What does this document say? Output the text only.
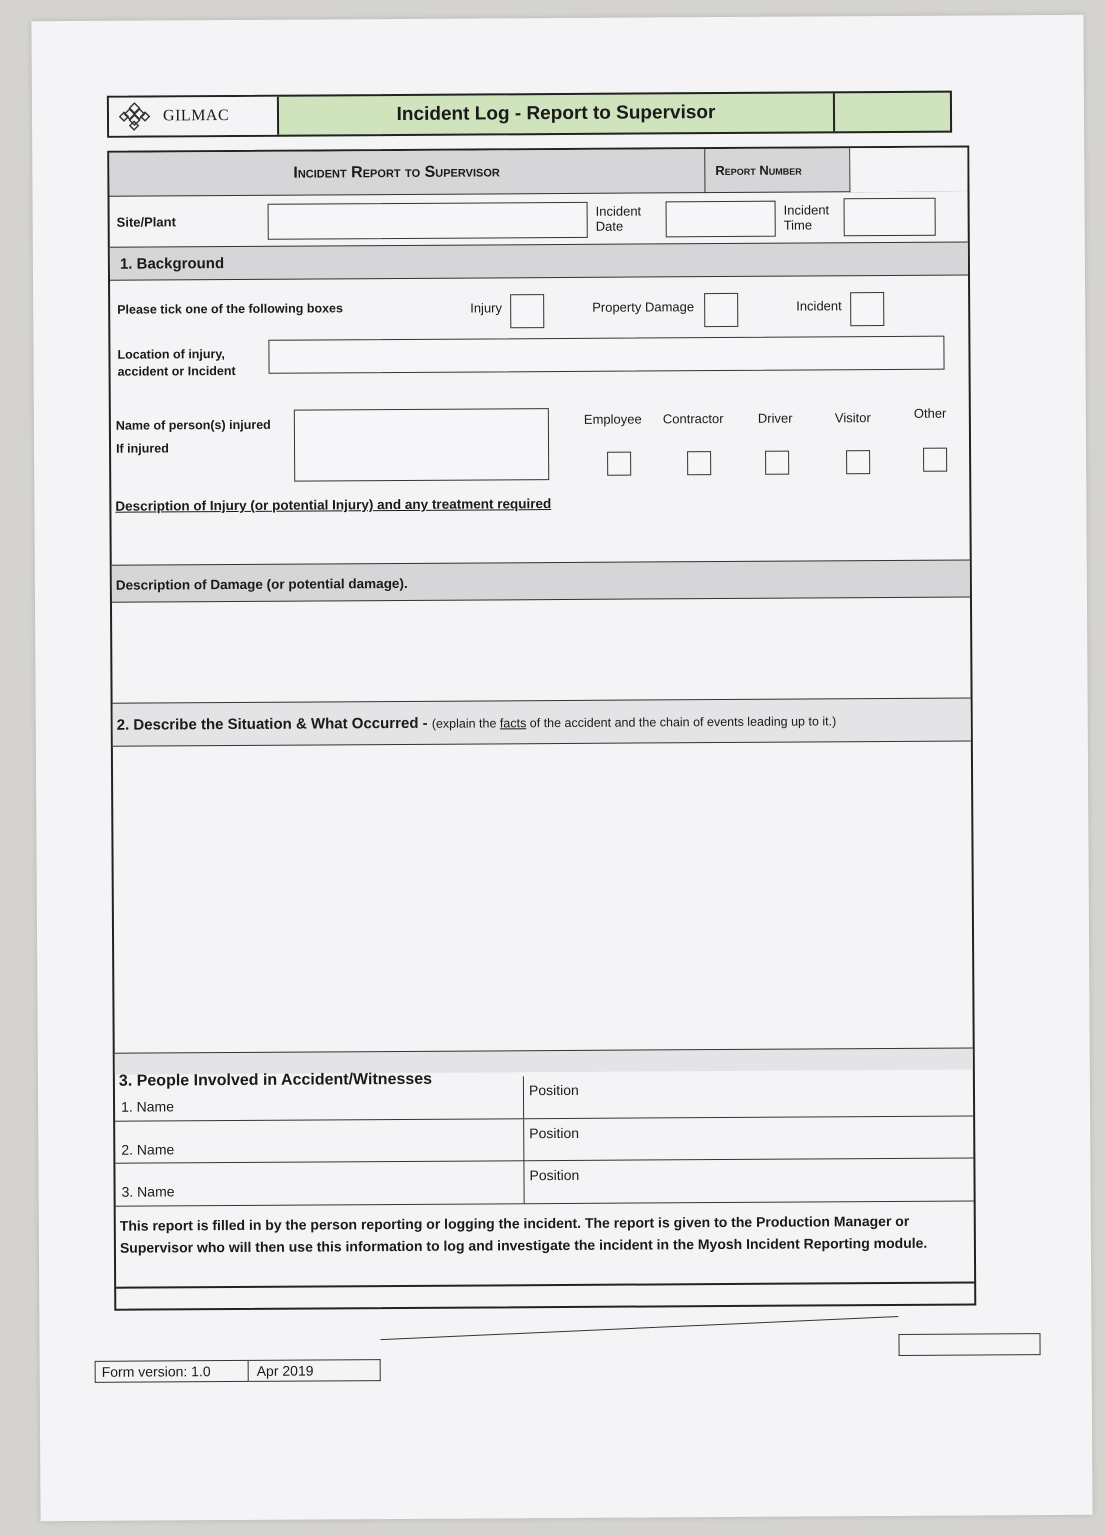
GILMAC	Incident Log - Report to Supervisor
Incident Report to Supervisor	Report Number
Site/Plant
Incident
Date
Incident
Time
1. Background
Please tick one of the following boxes	Injury	Property Damage	Incident
Location of injury,
accident or Incident
Name of person(s) injured
If injured
Employee Contractor	Driver	Visitor	Other
Description of Injury (or potential Injury) and any treatment required
Description of Damage (or potential damage).
2. Describe the Situation & What Occurred - (explain the facts of the accident and the chain of events leading up to it.)
3. People Involved in Accident/Witnesses
1. Name
Position
2. Name
Position
3. Name
Position
This report is filled in by the person reporting or logging the incident. The report is given to the Production Manager or Supervisor who will then use this information to log and investigate the incident in the Myosh Incident Reporting module.
Form version: 1.0	Apr 2019
